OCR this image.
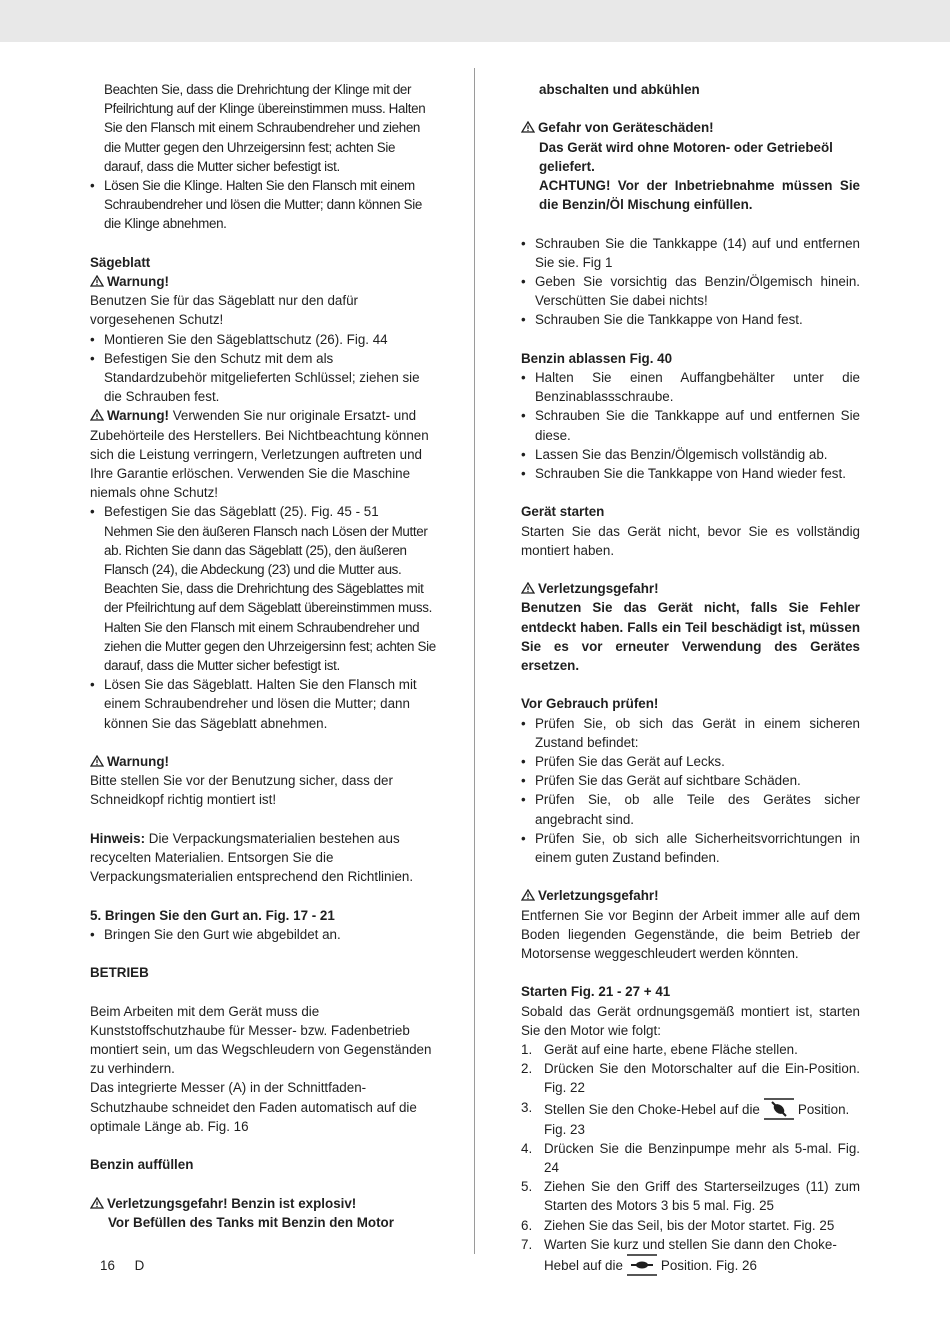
Beachten Sie, dass die Drehrichtung der Klinge mit der Pfeilrichtung auf der Klinge übereinstimmen muss. Halten Sie den Flansch mit einem Schraubendreher und ziehen die Mutter gegen den Uhrzeigersinn fest; achten Sie darauf, dass die Mutter sicher befestigt ist.

• Lösen Sie die Klinge. Halten Sie den Flansch mit einem Schraubendreher und lösen die Mutter; dann können Sie die Klinge abnehmen.

Sägeblatt

Warnung!

Benutzen Sie für das Sägeblatt nur den dafür vorgesehenen Schutz!

• Montieren Sie den Sägeblattschutz (26). Fig. 44

• Befestigen Sie den Schutz mit dem als Standardzubehör mitgelieferten Schlüssel; ziehen sie die Schrauben fest.

Warnung! Verwenden Sie nur originale Ersatzt- und Zubehörteile des Herstellers. Bei Nichtbeachtung können sich die Leistung verringern, Verletzungen auftreten und Ihre Garantie erlöschen. Verwenden Sie die Maschine niemals ohne Schutz!

• Befestigen Sie das Sägeblatt (25). Fig. 45 - 51

Nehmen Sie den äußeren Flansch nach Lösen der Mutter ab. Richten Sie dann das Sägeblatt (25), den äußeren Flansch (24), die Abdeckung (23) und die Mutter aus. Beachten Sie, dass die Drehrichtung des Sägeblattes mit der Pfeilrichtung auf dem Sägeblatt übereinstimmen muss. Halten Sie den Flansch mit einem Schraubendreher und ziehen die Mutter gegen den Uhrzeigersinn fest; achten Sie darauf, dass die Mutter sicher befestigt ist.

• Lösen Sie das Sägeblatt. Halten Sie den Flansch mit einem Schraubendreher und lösen die Mutter; dann können Sie das Sägeblatt abnehmen.

Warnung!

Bitte stellen Sie vor der Benutzung sicher, dass der Schneidkopf richtig montiert ist!

Hinweis: Die Verpackungsmaterialien bestehen aus recycelten Materialien. Entsorgen Sie die Verpackungsmaterialien entsprechend den Richtlinien.

5. Bringen Sie den Gurt an. Fig. 17 - 21

• Bringen Sie den Gurt wie abgebildet an.

BETRIEB

Beim Arbeiten mit dem Gerät muss die Kunststoffschutzhaube für Messer- bzw. Fadenbetrieb montiert sein, um das Wegschleudern von Gegenständen zu verhindern.

Das integrierte Messer (A) in der Schnittfaden-Schutzhaube schneidet den Faden automatisch auf die optimale Länge ab. Fig. 16

Benzin auffüllen

Verletzungsgefahr! Benzin ist explosiv!

Vor Befüllen des Tanks mit Benzin den Motor

abschalten und abkühlen

Gefahr von Geräteschäden!

Das Gerät wird ohne Motoren- oder Getriebeöl geliefert.

ACHTUNG! Vor der Inbetriebnahme müssen Sie die Benzin/Öl Mischung einfüllen.

• Schrauben Sie die Tankkappe (14) auf und entfernen Sie sie. Fig 1

• Geben Sie vorsichtig das Benzin/Ölgemisch hinein. Verschütten Sie dabei nichts!

• Schrauben Sie die Tankkappe von Hand fest.

Benzin ablassen Fig. 40

• Halten Sie einen Auffangbehälter unter die Benzinablassschraube.

• Schrauben Sie die Tankkappe auf und entfernen Sie diese.

• Lassen Sie das Benzin/Ölgemisch vollständig ab.

• Schrauben Sie die Tankkappe von Hand wieder fest.

Gerät starten

Starten Sie das Gerät nicht, bevor Sie es vollständig montiert haben.

Verletzungsgefahr!

Benutzen Sie das Gerät nicht, falls Sie Fehler entdeckt haben. Falls ein Teil beschädigt ist, müssen Sie es vor erneuter Verwendung des Gerätes ersetzen.

Vor Gebrauch prüfen!

• Prüfen Sie, ob sich das Gerät in einem sicheren Zustand befindet:

• Prüfen Sie das Gerät auf Lecks.

• Prüfen Sie das Gerät auf sichtbare Schäden.

• Prüfen Sie, ob alle Teile des Gerätes sicher angebracht sind.

• Prüfen Sie, ob sich alle Sicherheitsvorrichtungen in einem guten Zustand befinden.

Verletzungsgefahr!

Entfernen Sie vor Beginn der Arbeit immer alle auf dem Boden liegenden Gegenstände, die beim Betrieb der Motorsense weggeschleudert werden könnten.

Starten Fig. 21 - 27 + 41

Sobald das Gerät ordnungsgemäß montiert ist, starten Sie den Motor wie folgt:

1. Gerät auf eine harte, ebene Fläche stellen.

2. Drücken Sie den Motorschalter auf die Ein-Position. Fig. 22

3. Stellen Sie den Choke-Hebel auf die	Position. Fig. 23

4. Drücken Sie die Benzinpumpe mehr als 5-mal. Fig. 24

5. Ziehen Sie den Griff des Starterseilzuges (11) zum Starten des Motors 3 bis 5 mal. Fig. 25

6. Ziehen Sie das Seil, bis der Motor startet. Fig. 25

7. Warten Sie kurz und stellen Sie dann den Choke-Hebel auf die	Position. Fig. 26

16 D
